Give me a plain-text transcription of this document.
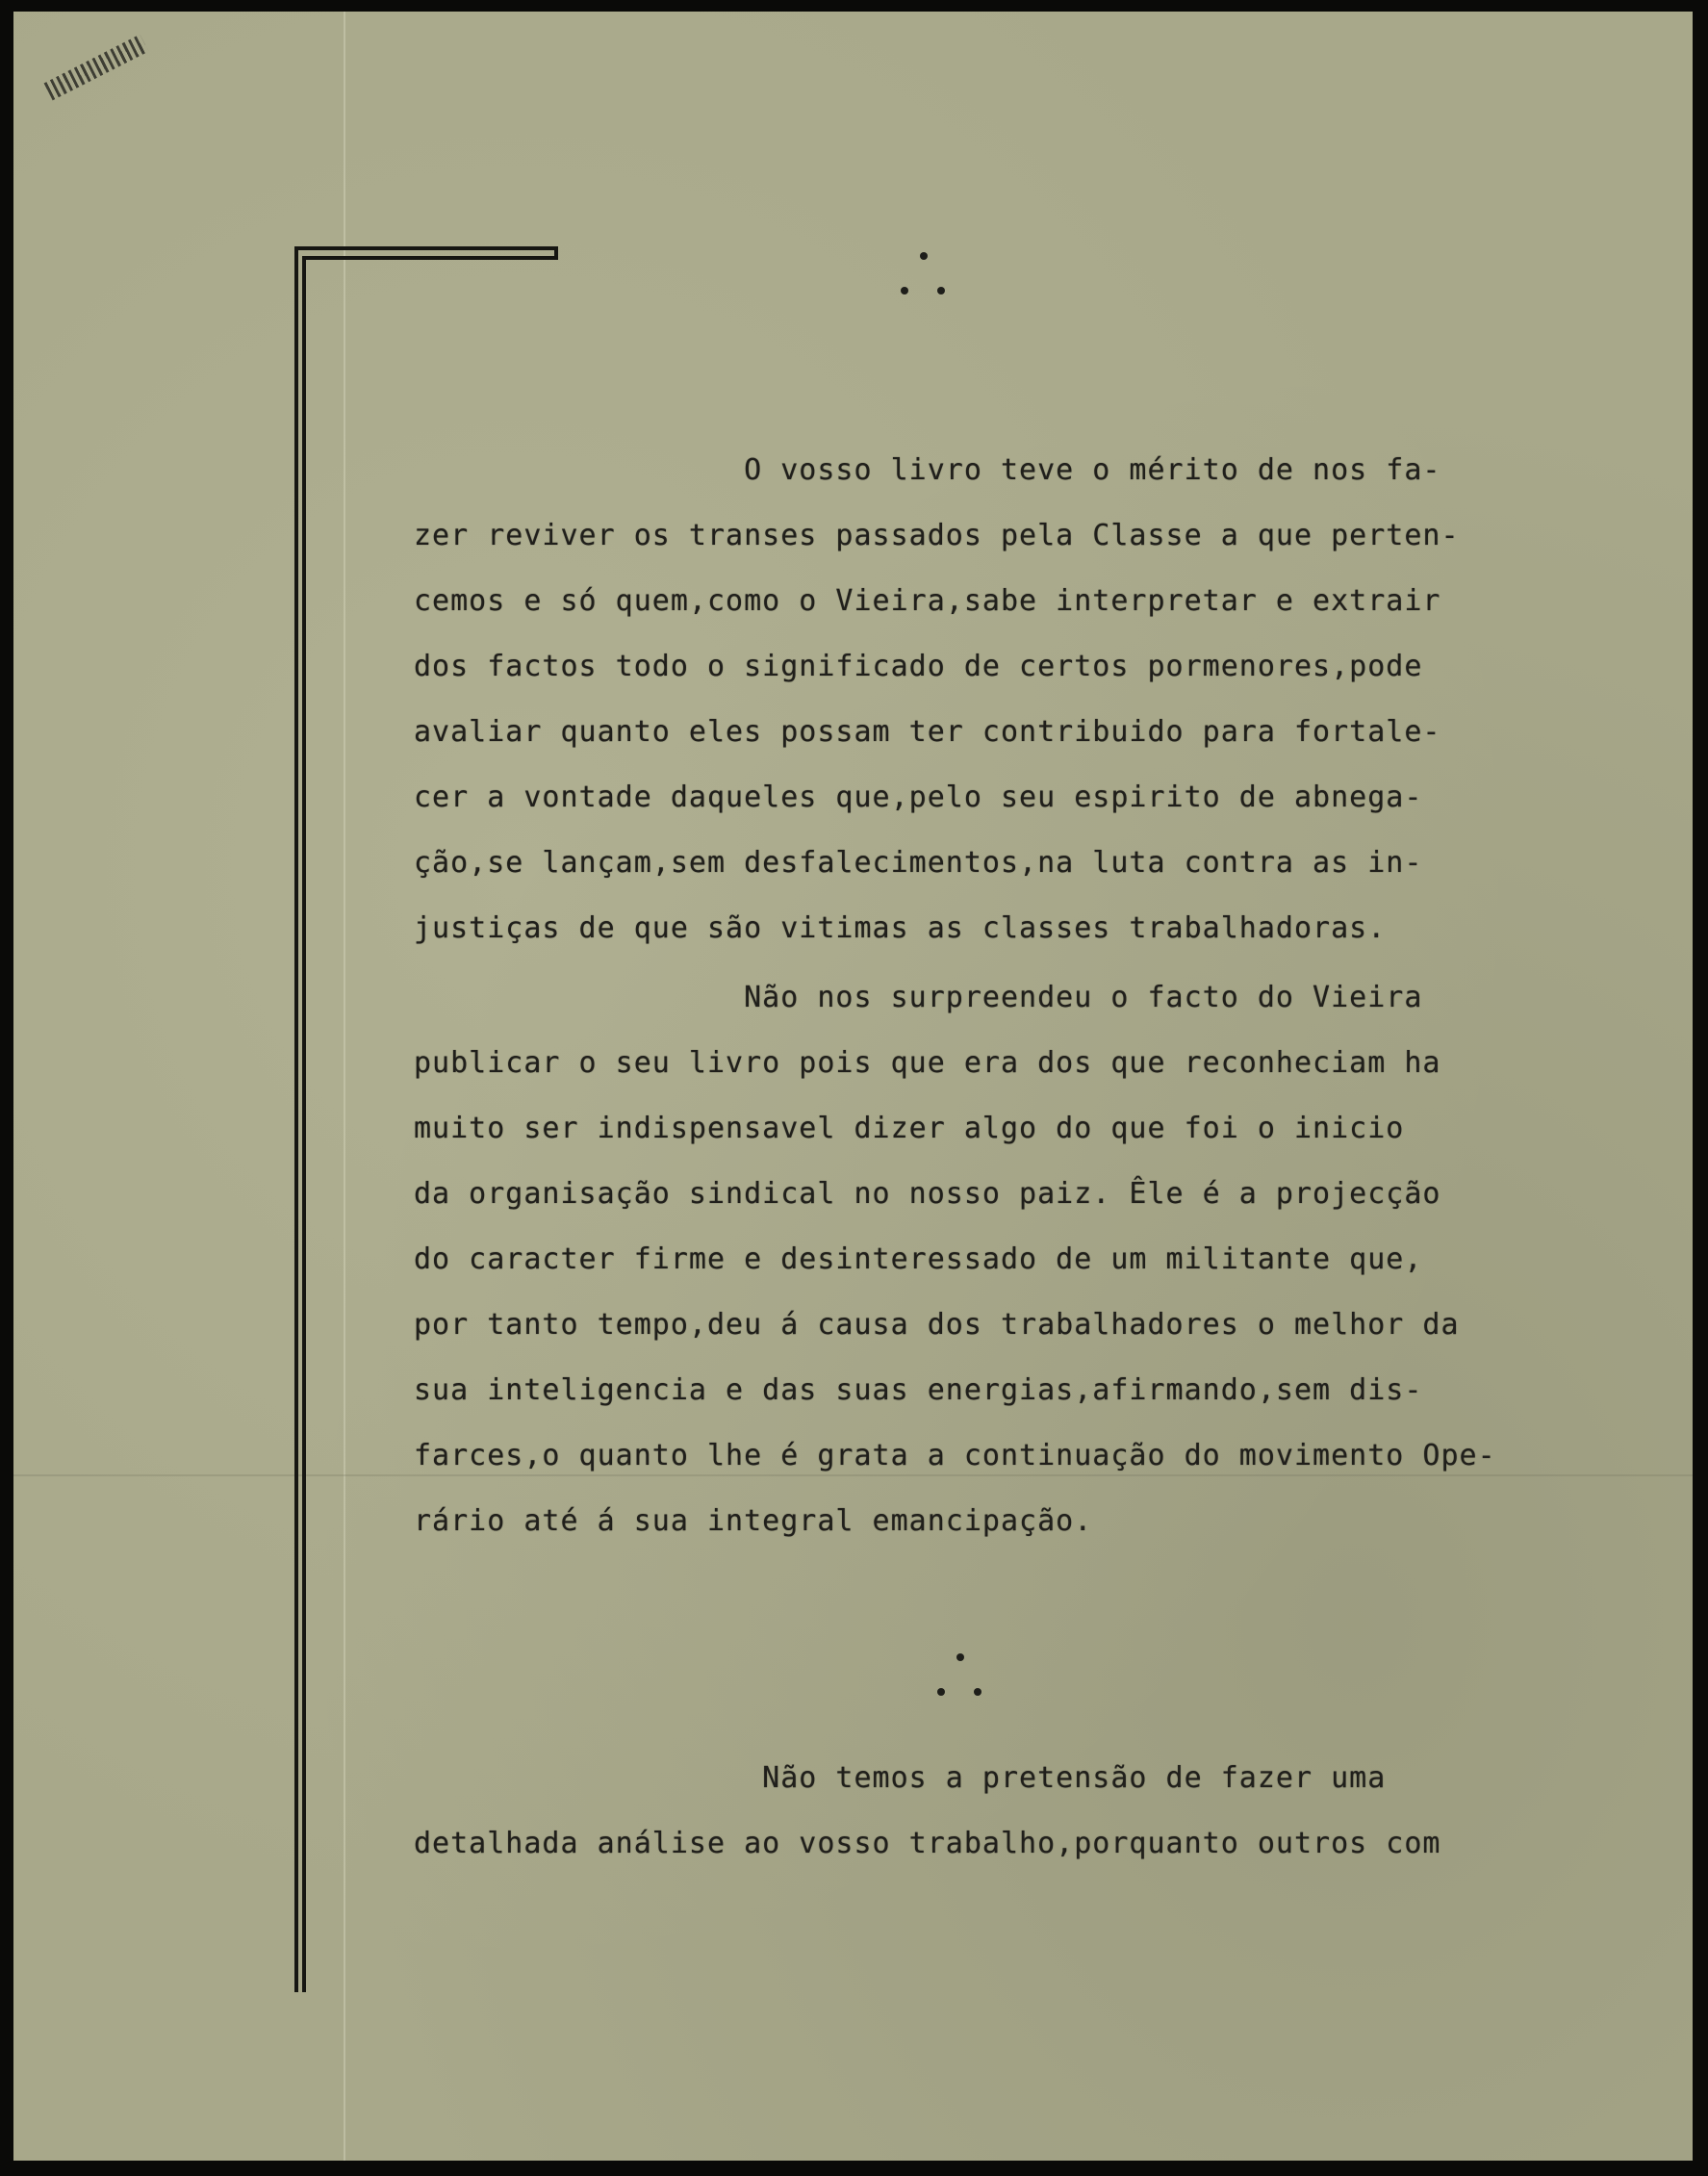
O vosso livro teve o mérito de nos fa-
zer reviver os transes passados pela Classe a que perten-
cemos e só quem,como o Vieira,sabe interpretar e extrair
dos factos todo o significado de certos pormenores,pode
avaliar quanto eles possam ter contribuido para fortale-
cer a vontade daqueles que,pelo seu espirito de abnega-
ção,se lançam,sem desfalecimentos,na luta contra as in-
justiças de que são vitimas as classes trabalhadoras.
Não nos surpreendeu o facto do Vieira
publicar o seu livro pois que era dos que reconheciam ha
muito ser indispensavel dizer algo do que foi o inicio
da organisação sindical no nosso paiz. Êle é a projecção
do caracter firme e desinteressado de um militante que,
por tanto tempo,deu á causa dos trabalhadores o melhor da
sua inteligencia e das suas energias,afirmando,sem dis-
farces,o quanto lhe é grata a continuação do movimento Ope-
rário até á sua integral emancipação.
Não temos a pretensão de fazer uma
detalhada análise ao vosso trabalho,porquanto outros com
